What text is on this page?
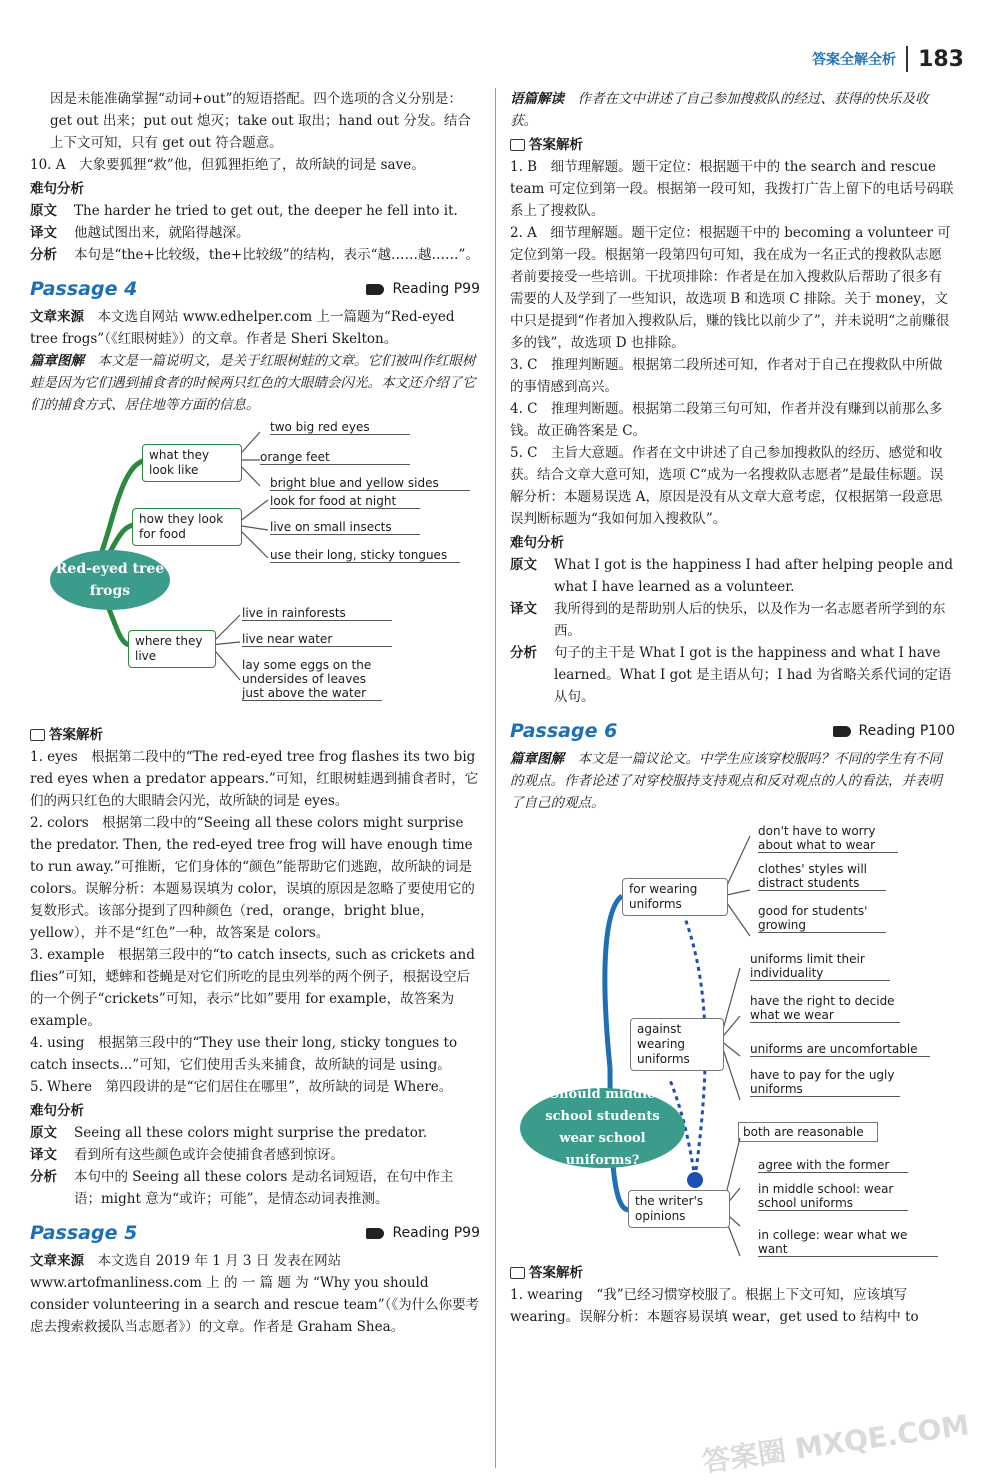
答案全解全析 183

因是未能准确掌握“动词+out”的短语搭配。四个选项的含义分别是：get out 出来；put out 熄灭；take out 取出；hand out 分发。结合上下文可知，只有 get out 符合题意。

10. A　大象要狐狸“救”他，但狐狸拒绝了，故所缺的词是 save。

难句分析

原文	The harder he tried to get out, the deeper he fell into it.
译文	他越试图出来，就陷得越深。
分析	本句是“the+比较级，the+比较级”的结构，表示“越……越……”。
Passage 4	Reading P99

文章来源　 本文选自网站 www.edhelper.com 上一篇题为“Red-eyed tree frogs”（《红眼树蛙》）的文章。作者是 Sheri Skelton。

篇章图解　 本文是一篇说明文，是关于红眼树蛙的文章。它们被叫作红眼树蛙是因为它们遇到捕食者的时候两只红色的大眼睛会闪光。本文还介绍了它们的捕食方式、居住地等方面的信息。

what they look like
two big red eyes
orange feet
bright blue and yellow sides
how they look for food
look for food at night
live on small insects
use their long, sticky tongues
Red-eyed tree frogs
where they live
live in rainforests
live near water
lay some eggs on the undersides of leaves just above the water

答案解析

1. eyes　根据第二段中的“The red-eyed tree frog flashes its two big red eyes when a predator appears.”可知，红眼树蛙遇到捕食者时，它们的两只红色的大眼睛会闪光，故所缺的词是 eyes。

2. colors　根据第二段中的“Seeing all these colors might surprise the predator. Then, the red-eyed tree frog will have enough time to run away.”可推断，它们身体的“颜色”能帮助它们逃跑，故所缺的词是 colors。误解分析：本题易误填为 color，误填的原因是忽略了要使用它的复数形式。该部分提到了四种颜色（red，orange，bright blue，yellow），并不是“红色”一种，故答案是 colors。

3. example　根据第三段中的“to catch insects, such as crickets and flies”可知，蟋蟀和苍蝇是对它们所吃的昆虫列举的两个例子，根据设空后的一个例子“crickets”可知，表示“比如”要用 for example，故答案为 example。

4. using　根据第三段中的“They use their long, sticky tongues to catch insects...”可知，它们使用舌头来捕食，故所缺的词是 using。

5. Where　第四段讲的是“它们居住在哪里”，故所缺的词是 Where。

难句分析

原文	Seeing all these colors might surprise the predator.
译文	看到所有这些颜色或许会使捕食者感到惊讶。
分析	本句中的 Seeing all these colors 是动名词短语，在句中作主语；might 意为“或许；可能”，是情态动词表推测。
Passage 5	Reading P99

文章来源　 本文选自 2019 年 1 月 3 日 发表在网站 www.artofmanliness.com 上 的 一 篇 题 为 “Why you should consider volunteering in a search and rescue team”（《为什么你要考虑去搜索救援队当志愿者》）的文章。作者是 Graham Shea。

语篇解读　 作者在文中讲述了自己参加搜救队的经过、获得的快乐及收获。

答案解析

1. B　细节理解题。题干定位：根据题干中的 the search and rescue team 可定位到第一段。根据第一段可知，我拨打广告上留下的电话号码联系上了搜救队。

2. A　细节理解题。题干定位：根据题干中的 becoming a volunteer 可定位到第一段。根据第一段第四句可知，我在成为一名正式的搜救队志愿者前要接受一些培训。干扰项排除：作者是在加入搜救队后帮助了很多有需要的人及学到了一些知识，故选项 B 和选项 C 排除。关于 money，文中只是提到“作者加入搜救队后，赚的钱比以前少了”，并未说明“之前赚很多的钱”，故选项 D 也排除。

3. C　推理判断题。根据第二段所述可知，作者对于自己在搜救队中所做的事情感到高兴。

4. C　推理判断题。根据第二段第三句可知，作者并没有赚到以前那么多钱。故正确答案是 C。

5. C　主旨大意题。作者在文中讲述了自己参加搜救队的经历、感觉和收获。结合文章大意可知，选项 C“成为一名搜救队志愿者”是最佳标题。误解分析：本题易误选 A，原因是没有从文章大意考虑，仅根据第一段意思误判断标题为“我如何加入搜救队”。

难句分析

原文	What I got is the happiness I had after helping people and what I have learned as a volunteer.
译文	我所得到的是帮助别人后的快乐，以及作为一名志愿者所学到的东西。
分析	句子的主干是 What I got is the happiness and what I have learned。What I got 是主语从句；I had 为省略关系代词的定语从句。
Passage 6	Reading P100

篇章图解　 本文是一篇议论文。中学生应该穿校服吗？不同的学生有不同的观点。作者论述了对穿校服持支持观点和反对观点的人的看法，并表明了自己的观点。

for wearing uniforms
don't have to worry about what to wear
clothes' styles will distract students
good for students' growing
against wearing uniforms
uniforms limit their individuality
have the right to decide what we wear
uniforms are uncomfortable
have to pay for the ugly uniforms
Should middle school students wear school uniforms?
the writer's opinions
both are reasonable
agree with the former
in middle school: wear school uniforms
in college: wear what we want

答案解析

1. wearing　“我”已经习惯穿校服了。根据上下文可知，应该填写 wearing。误解分析：本题容易误填 wear，get used to 结构中 to

答案圈 MXQE.COM
